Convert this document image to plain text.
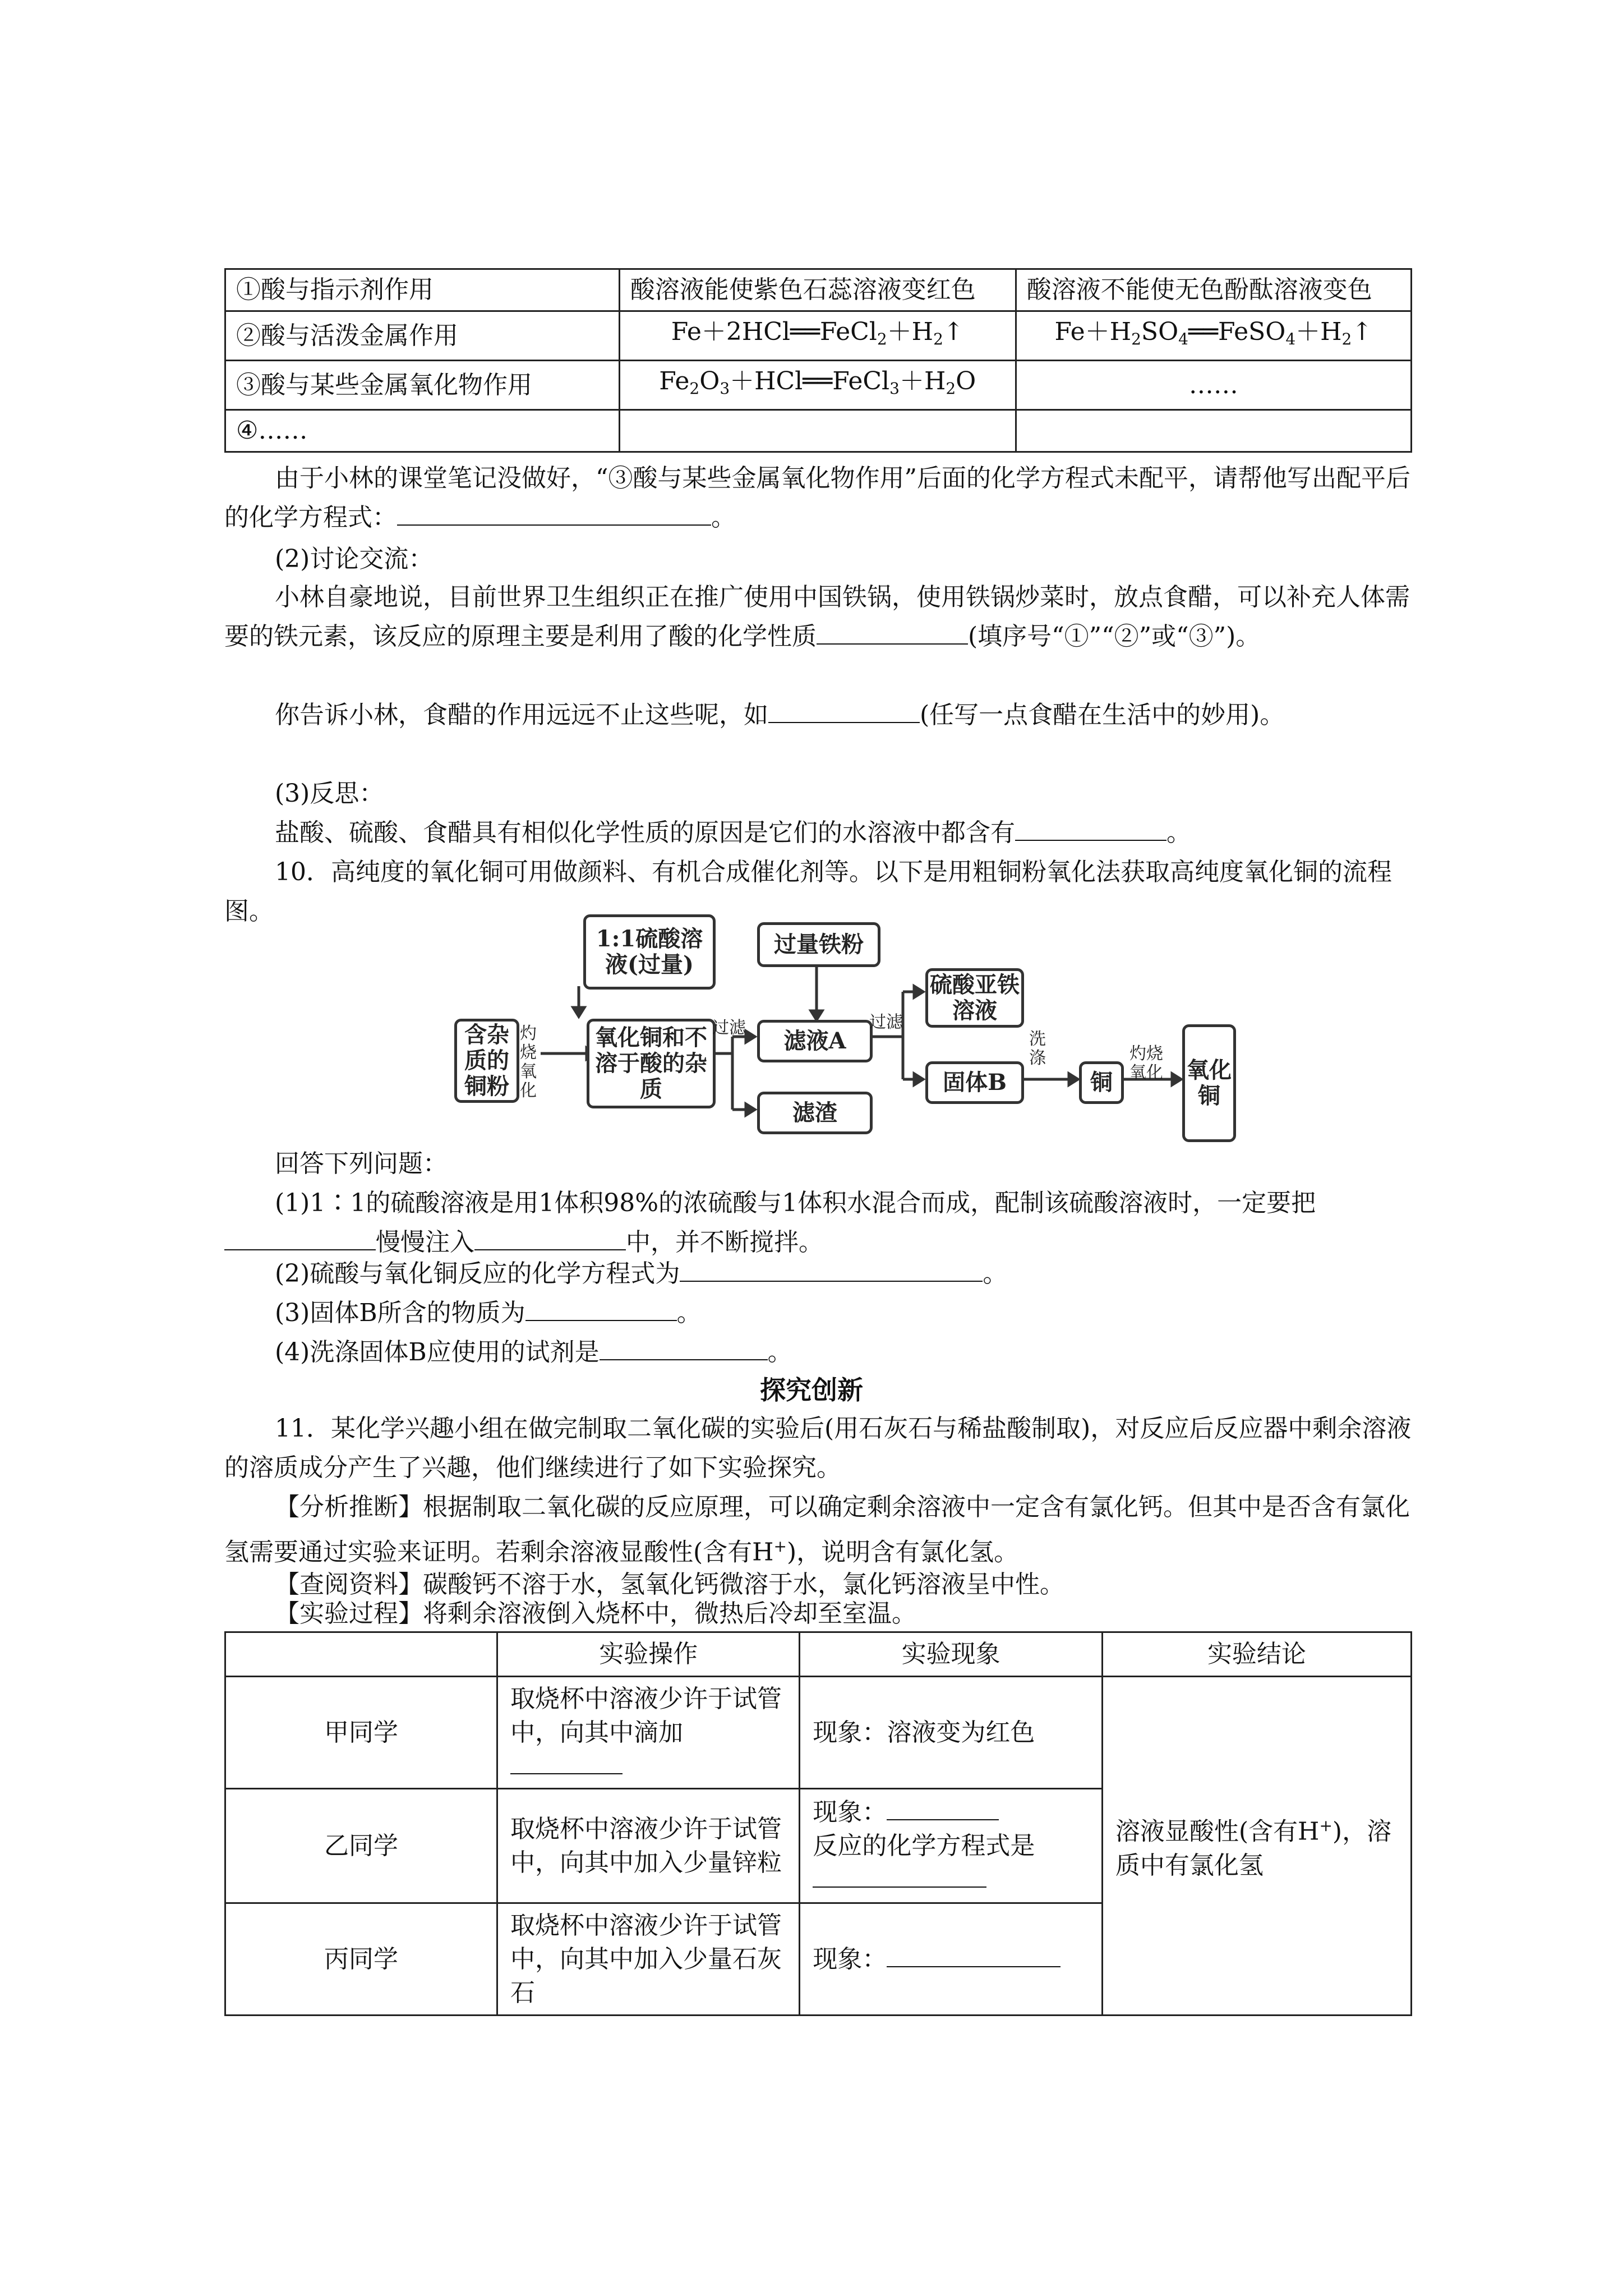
①酸与指示剂作用	酸溶液能使紫色石蕊溶液变红色	酸溶液不能使无色酚酞溶液变色
②酸与活泼金属作用	$Fe+2HCl══FeCl_2+H_2↑$	$Fe+H_2SO_4══FeSO_4+H_2↑$
③酸与某些金属氧化物作用	$Fe_2O_3+HCl══FeCl_3+H_2O$	……
④……		
由于小林的课堂笔记没做好，“③酸与某些金属氧化物作用”后面的化学方程式未配平，请帮他写出配平后的化学方程式：	。
(2)讨论交流：
小林自豪地说，目前世界卫生组织正在推广使用中国铁锅，使用铁锅炒菜时，放点食醋，可以补充人体需要的铁元素，该反应的原理主要是利用了酸的化学性质	(填序号“①”“②”或“③”)。
你告诉小林，食醋的作用远远不止这些呢，如	(任写一点食醋在生活中的妙用)。
(3)反思：
盐酸、硫酸、食醋具有相似化学性质的原因是它们的水溶液中都含有	。
10．高纯度的氧化铜可用做颜料、有机合成催化剂等。以下是用粗铜粉氧化法获取高纯度氧化铜的流程图。
1:1硫酸溶液(过量)
含杂质的铜粉
灼烧氧化
氧化铜和不溶于酸的杂质
过滤
过量铁粉
滤液A
滤渣
过滤
硫酸亚铁溶液
固体B
洗涤
铜
灼烧氧化 氧化铜
回答下列问题：
(1)1∶1的硫酸溶液是用1体积98%的浓硫酸与1体积水混合而成，配制该硫酸溶液时，一定要把慢慢注入	中，并不断搅拌。
(2)硫酸与氧化铜反应的化学方程式为	。
(3)固体B所含的物质为	。
(4)洗涤固体B应使用的试剂是	。
探究创新
11．某化学兴趣小组在做完制取二氧化碳的实验后(用石灰石与稀盐酸制取)，对反应后反应器中剩余溶液的溶质成分产生了兴趣，他们继续进行了如下实验探究。
【分析推断】根据制取二氧化碳的反应原理，可以确定剩余溶液中一定含有氯化钙。但其中是否含有氯化氢需要通过实验来证明。若剩余溶液显酸性(含有H+)，说明含有氯化氢。
【查阅资料】碳酸钙不溶于水，氢氧化钙微溶于水，氯化钙溶液呈中性。
【实验过程】将剩余溶液倒入烧杯中，微热后冷却至室温。
	实验操作	实验现象	实验结论
甲同学	取烧杯中溶液少许于试管中，向其中滴加	现象：溶液变为红色	溶液显酸性(含有H+)，溶质中有氯化氢
乙同学	取烧杯中溶液少许于试管中，向其中加入少量锌粒	现象：
反应的化学方程式是	

丙同学	取烧杯中溶液少许于试管中，向其中加入少量石灰石	现象：	
